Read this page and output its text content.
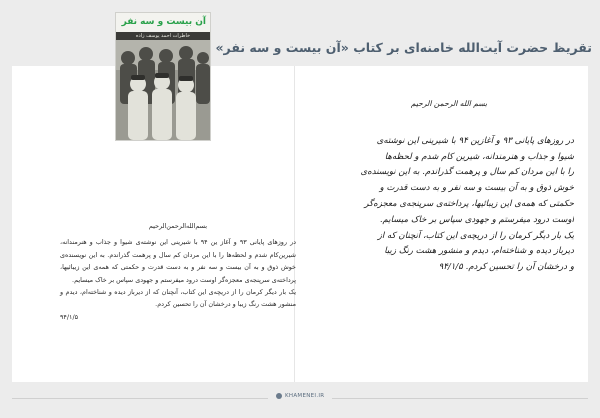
تقریظ حضرت آیت‌الله خامنه‌ای بر کتاب «آن بیست و سه نفر»
آن بیست و سه نفر
خاطرات احمد یوسف زاده

بسم‌الله‌الرحمن‌الرحیم

در روزهای پایانی ۹۳ و آغاز ین ۹۴ با شیرینی این نوشته‌ی شیوا و جذاب و هنرمندانه، شیرین‌کام شدم و لحظه‌ها را با این مردان کم سال و پرهمت گذراندم. به این نویسنده‌ی خوش ذوق و به آن بیست و سه نفر و به دست قدرت و حکمتی که همه‌ی این زیبائیها، پرداخته‌ی سرپنجه‌ی معجزه‌گر اوست درود میفرستم و جهودی سپاس بر خاک میسایم.

یک بار دیگر کرمان را از دریچه‌ی این کتاب، آنچنان که از دیرباز دیده و شناخته‌ام، دیدم و منشور هشت رنگ زیبا و درخشان آن را تحسین کردم.

۹۴/۱/۵

بسم الله الرحمن الرحیم
در روزهای پایانی ۹۳ و آغازین ۹۴ با شیرینی این نوشته‌ی
شیوا و جذاب و هنرمندانه، شیرین کام شدم و لحظه‌ها
را با این مردان کم سال و پرهمت گذراندم. به این نویسنده‌ی
خوش ذوق و به آن بیست و سه نفر و به دست قدرت و
حکمتی که همه‌ی این زیبائیها، پرداخته‌ی سرپنجه‌ی معجزه‌گر
اوست درود میفرستم و جهودی سپاس بر خاک میسایم.
یک بار دیگر کرمان را از دریچه‌ی این کتاب، آنچنان که از
دیرباز دیده و شناخته‌ام، دیدم و منشور هشت رنگ زیبا
و درخشان آن را تحسین کردم. ۹۴/۱/۵
KHAMENEI.IR
